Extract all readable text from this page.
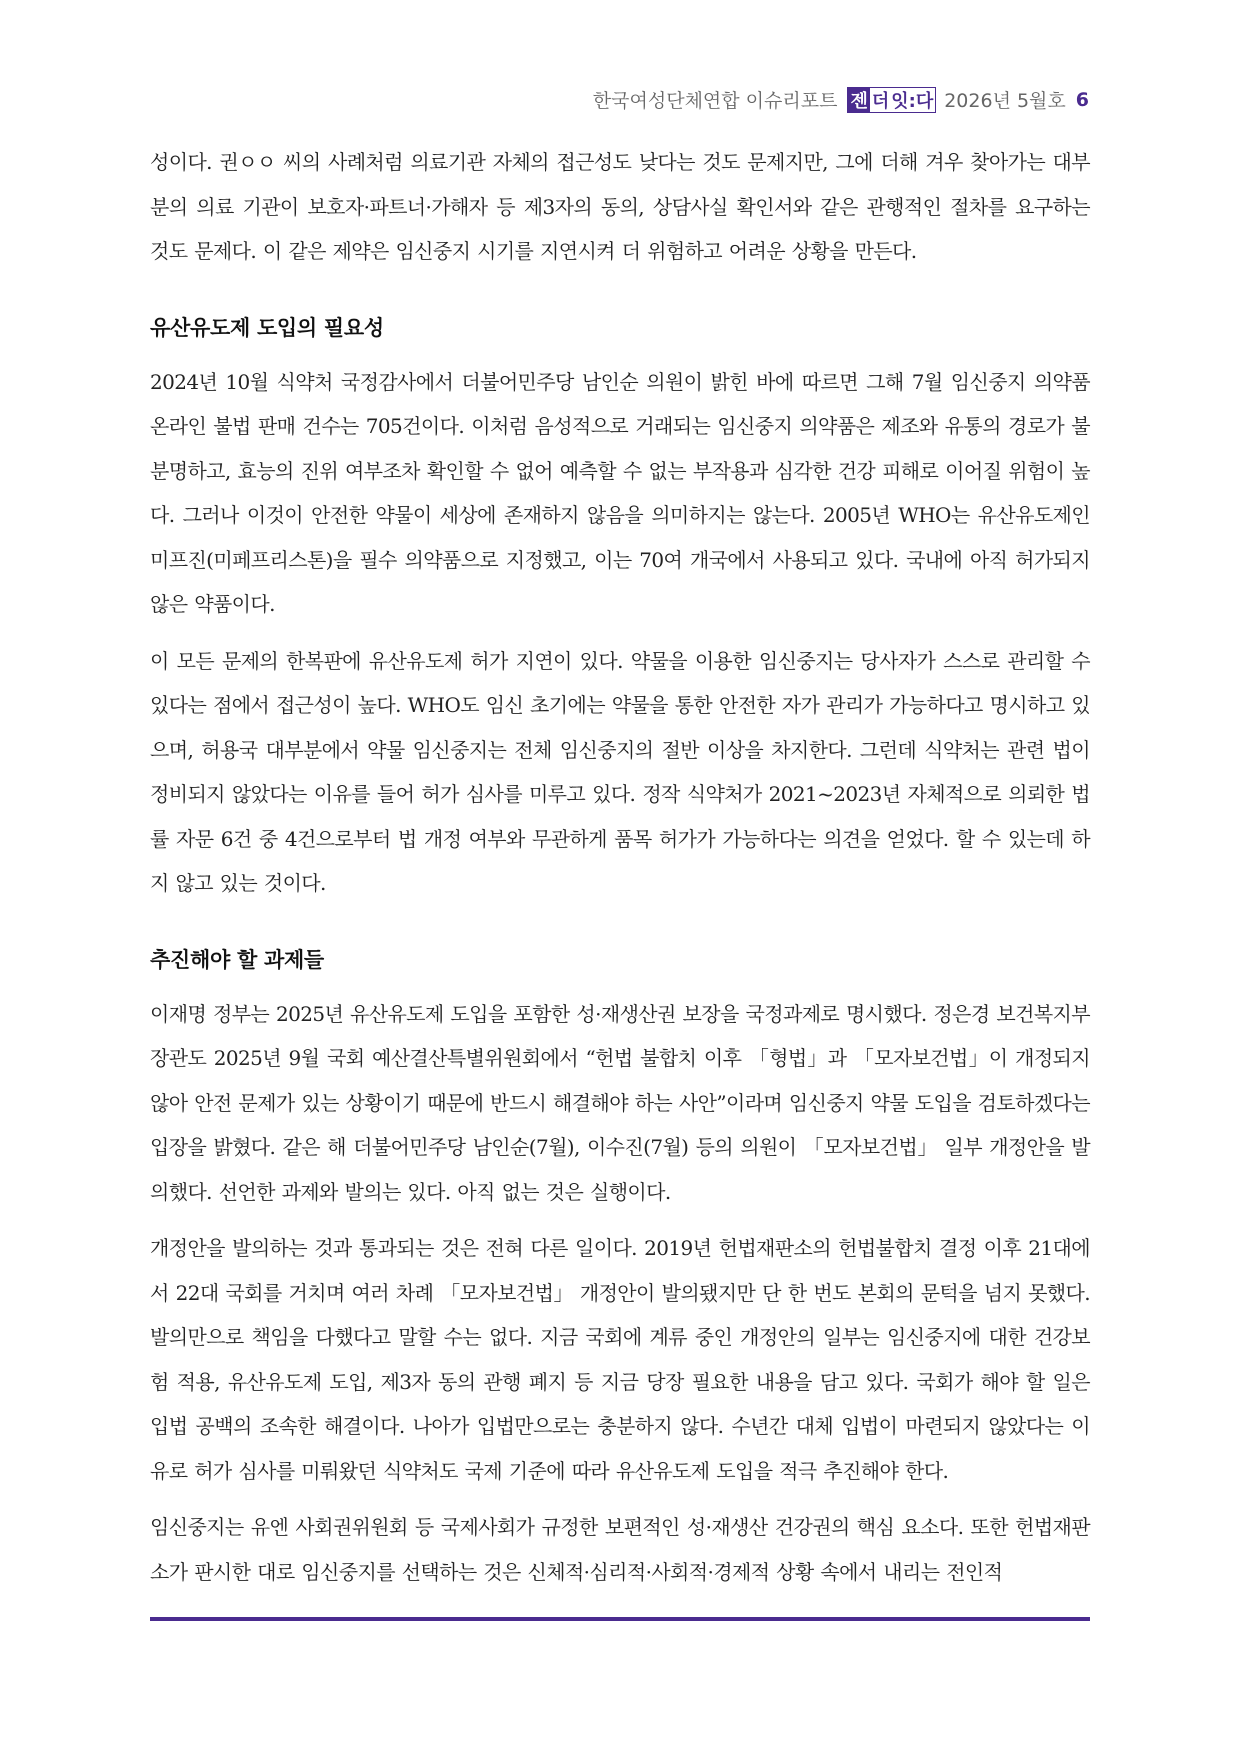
한국여성단체연합 이슈리포트 젠 더 잇:다 2026년 5월호 6

성이다. 권ㅇㅇ 씨의 사례처럼 의료기관 자체의 접근성도 낮다는 것도 문제지만, 그에 더해 겨우 찾아가는 대부분의 의료 기관이 보호자·파트너·가해자 등 제3자의 동의, 상담사실 확인서와 같은 관행적인 절차를 요구하는 것도 문제다. 이 같은 제약은 임신중지 시기를 지연시켜 더 위험하고 어려운 상황을 만든다.

유산유도제 도입의 필요성

2024년 10월 식약처 국정감사에서 더불어민주당 남인순 의원이 밝힌 바에 따르면 그해 7월 임신중지 의약품 온라인 불법 판매 건수는 705건이다. 이처럼 음성적으로 거래되는 임신중지 의약품은 제조와 유통의 경로가 불분명하고, 효능의 진위 여부조차 확인할 수 없어 예측할 수 없는 부작용과 심각한 건강 피해로 이어질 위험이 높다. 그러나 이것이 안전한 약물이 세상에 존재하지 않음을 의미하지는 않는다. 2005년 WHO는 유산유도제인 미프진(미페프리스톤)을 필수 의약품으로 지정했고, 이는 70여 개국에서 사용되고 있다. 국내에 아직 허가되지 않은 약품이다.

이 모든 문제의 한복판에 유산유도제 허가 지연이 있다. 약물을 이용한 임신중지는 당사자가 스스로 관리할 수 있다는 점에서 접근성이 높다. WHO도 임신 초기에는 약물을 통한 안전한 자가 관리가 가능하다고 명시하고 있으며, 허용국 대부분에서 약물 임신중지는 전체 임신중지의 절반 이상을 차지한다. 그런데 식약처는 관련 법이 정비되지 않았다는 이유를 들어 허가 심사를 미루고 있다. 정작 식약처가 2021~2023년 자체적으로 의뢰한 법률 자문 6건 중 4건으로부터 법 개정 여부와 무관하게 품목 허가가 가능하다는 의견을 얻었다. 할 수 있는데 하지 않고 있는 것이다.

추진해야 할 과제들

이재명 정부는 2025년 유산유도제 도입을 포함한 성·재생산권 보장을 국정과제로 명시했다. 정은경 보건복지부 장관도 2025년 9월 국회 예산결산특별위원회에서 “헌법 불합치 이후 「형법」과 「모자보건법」이 개정되지 않아 안전 문제가 있는 상황이기 때문에 반드시 해결해야 하는 사안”이라며 임신중지 약물 도입을 검토하겠다는 입장을 밝혔다. 같은 해 더불어민주당 남인순(7월), 이수진(7월) 등의 의원이 「모자보건법」 일부 개정안을 발의했다. 선언한 과제와 발의는 있다. 아직 없는 것은 실행이다.

개정안을 발의하는 것과 통과되는 것은 전혀 다른 일이다. 2019년 헌법재판소의 헌법불합치 결정 이후 21대에서 22대 국회를 거치며 여러 차례 「모자보건법」 개정안이 발의됐지만 단 한 번도 본회의 문턱을 넘지 못했다. 발의만으로 책임을 다했다고 말할 수는 없다. 지금 국회에 계류 중인 개정안의 일부는 임신중지에 대한 건강보험 적용, 유산유도제 도입, 제3자 동의 관행 폐지 등 지금 당장 필요한 내용을 담고 있다. 국회가 해야 할 일은 입법 공백의 조속한 해결이다. 나아가 입법만으로는 충분하지 않다. 수년간 대체 입법이 마련되지 않았다는 이유로 허가 심사를 미뤄왔던 식약처도 국제 기준에 따라 유산유도제 도입을 적극 추진해야 한다.

임신중지는 유엔 사회권위원회 등 국제사회가 규정한 보편적인 성·재생산 건강권의 핵심 요소다. 또한 헌법재판소가 판시한 대로 임신중지를 선택하는 것은 신체적·심리적·사회적·경제적 상황 속에서 내리는 전인적
